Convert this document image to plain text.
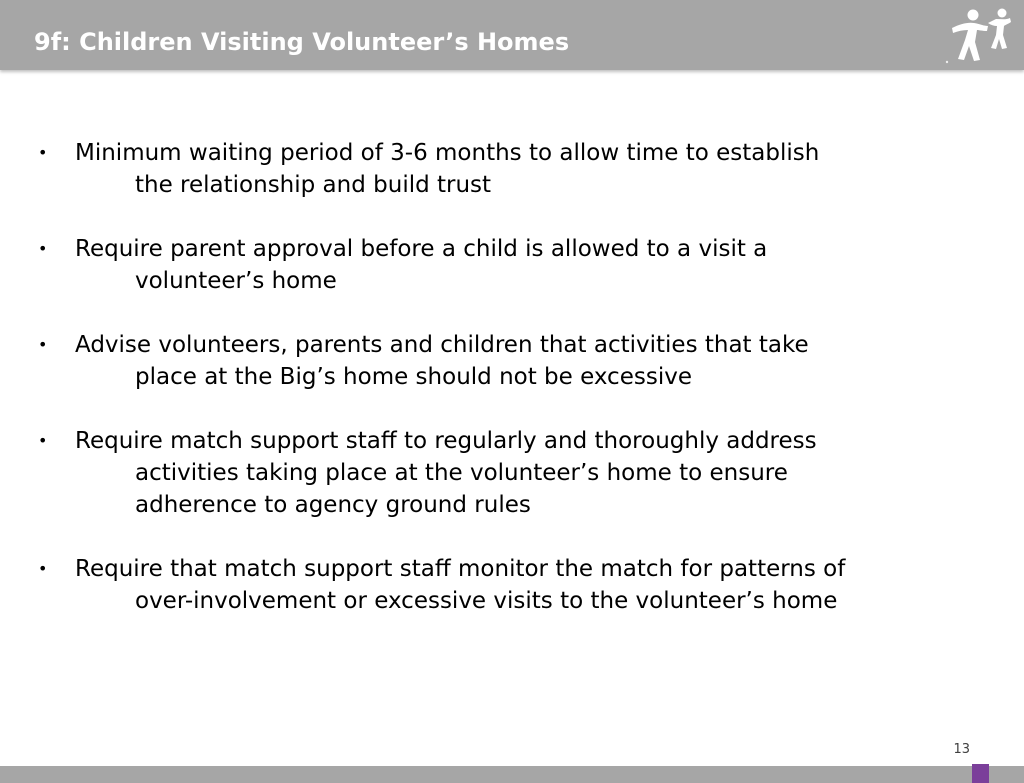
9f: Children Visiting Volunteer’s Homes
•	Minimum waiting period of 3-6 months to allow time to establish
the relationship and build trust
•	Require parent approval before a child is allowed to a visit a
volunteer’s home
•	Advise volunteers, parents and children that activities that take
place at the Big’s home should not be excessive
•	Require match support staff to regularly and thoroughly address
activities taking place at the volunteer’s home to ensure
adherence to agency ground rules
•	Require that match support staff monitor the match for patterns of
over-involvement or excessive visits to the volunteer’s home
13
